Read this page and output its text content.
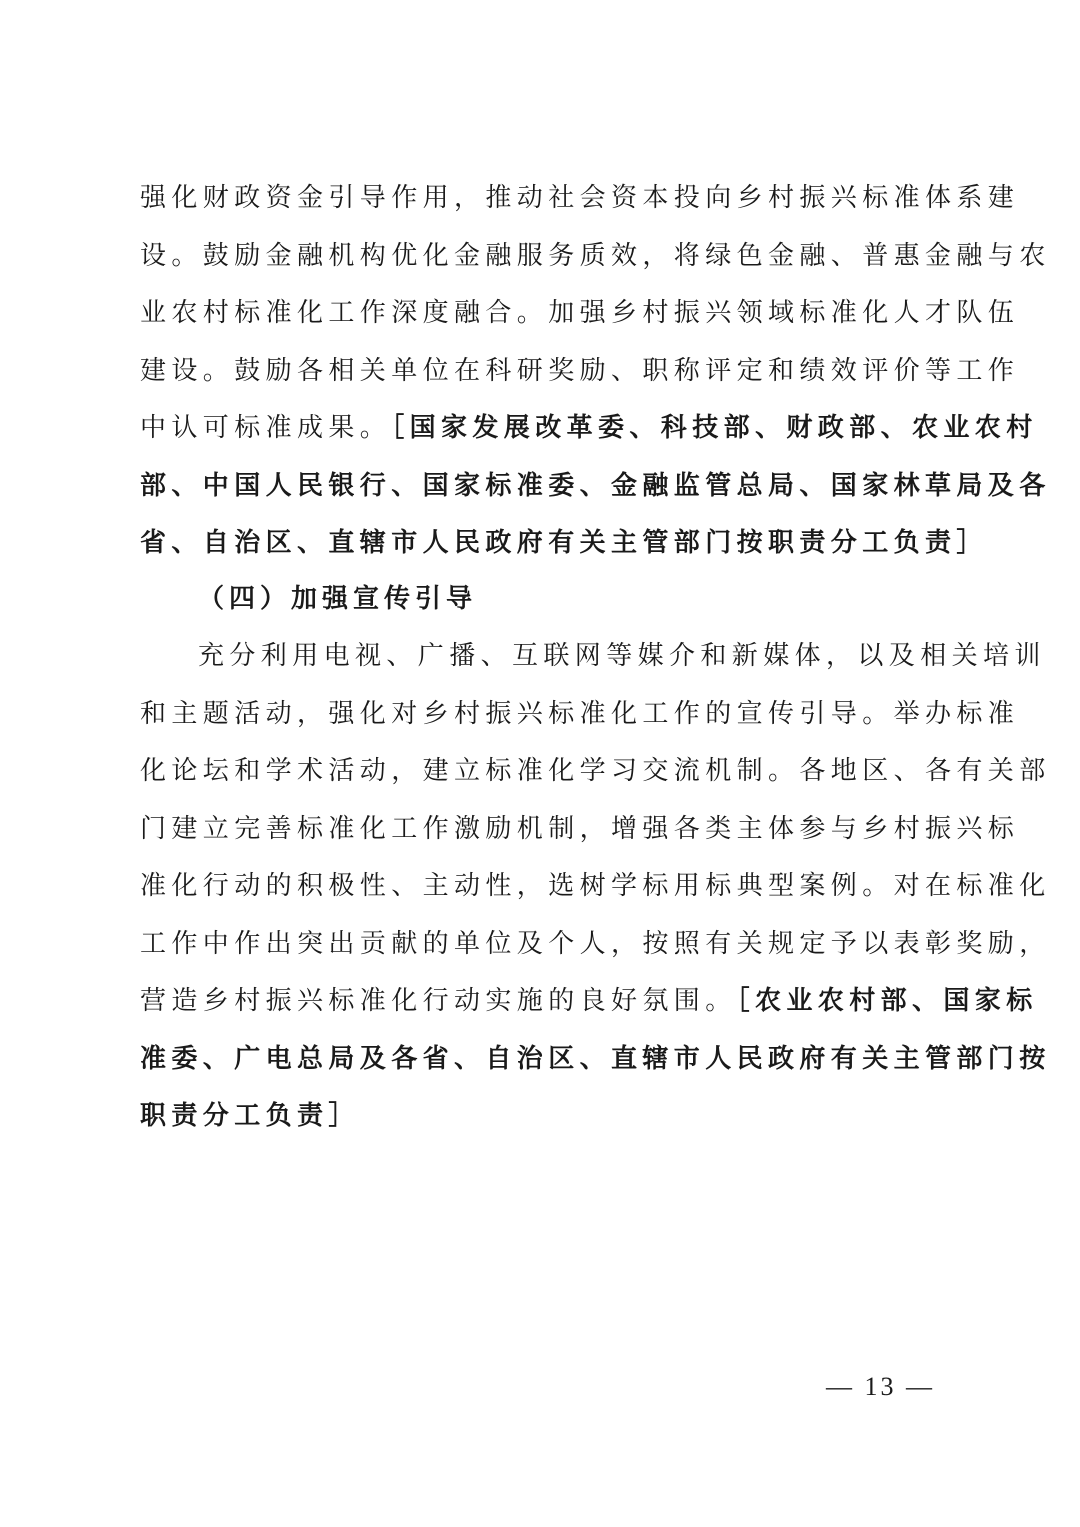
强化财政资金引导作用，推动社会资本投向乡村振兴标准体系建
设。鼓励金融机构优化金融服务质效，将绿色金融、普惠金融与农
业农村标准化工作深度融合。加强乡村振兴领域标准化人才队伍
建设。鼓励各相关单位在科研奖励、职称评定和绩效评价等工作
中认可标准成果。［国家发展改革委、科技部、财政部、农业农村
部、中国人民银行、国家标准委、金融监管总局、国家林草局及各
省、自治区、直辖市人民政府有关主管部门按职责分工负责］
（四）加强宣传引导
充分利用电视、广播、互联网等媒介和新媒体，以及相关培训
和主题活动，强化对乡村振兴标准化工作的宣传引导。举办标准
化论坛和学术活动，建立标准化学习交流机制。各地区、各有关部
门建立完善标准化工作激励机制，增强各类主体参与乡村振兴标
准化行动的积极性、主动性，选树学标用标典型案例。对在标准化
工作中作出突出贡献的单位及个人，按照有关规定予以表彰奖励，
营造乡村振兴标准化行动实施的良好氛围。［农业农村部、国家标
准委、广电总局及各省、自治区、直辖市人民政府有关主管部门按
职责分工负责］
— 13 —
